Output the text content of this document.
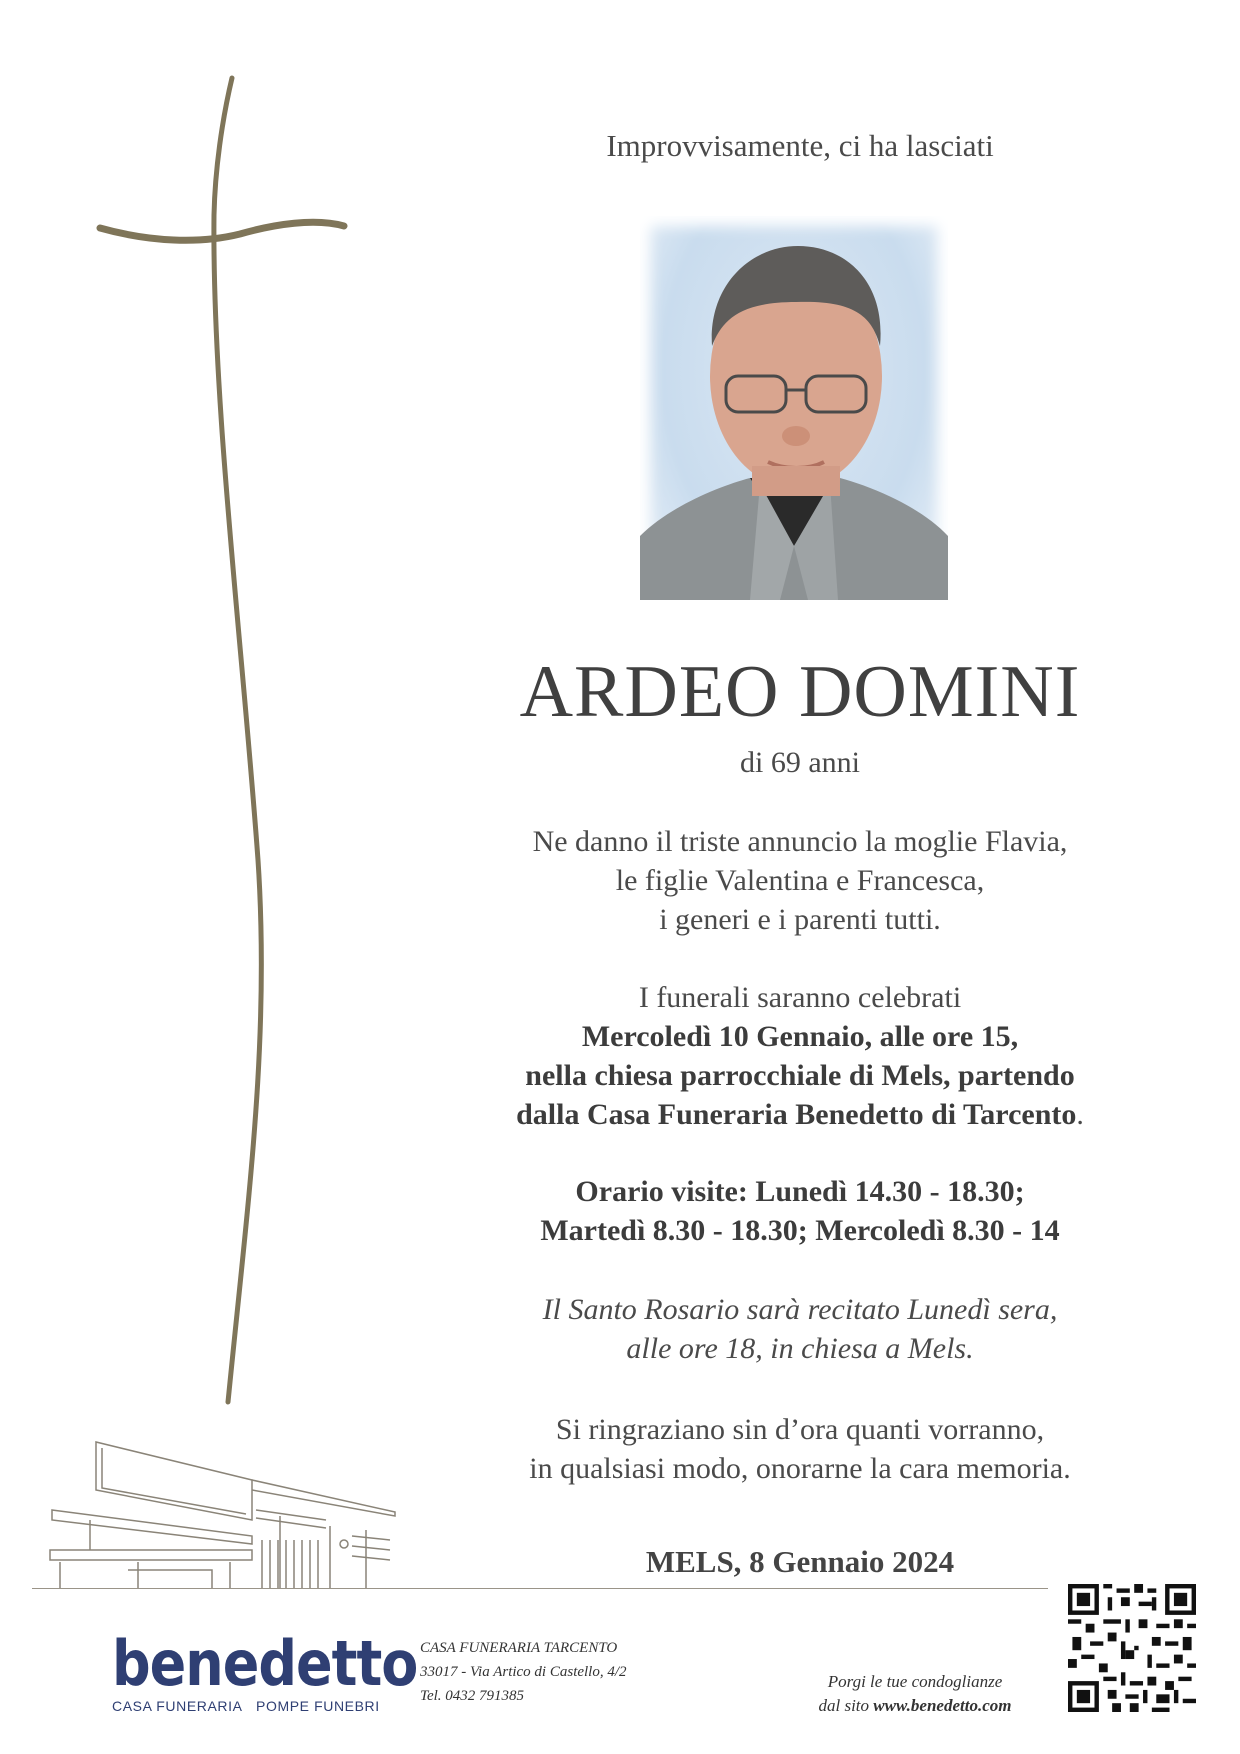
Improvvisamente, ci ha lasciati
ARDEO DOMINI
di 69 anni
Ne danno il triste annuncio la moglie Flavia,
le figlie Valentina e Francesca,
i generi e i parenti tutti.
I funerali saranno celebrati
Mercoledì 10 Gennaio, alle ore 15,
nella chiesa parrocchiale di Mels, partendo
dalla Casa Funeraria Benedetto di Tarcento.
Orario visite: Lunedì 14.30 - 18.30;
Martedì 8.30 - 18.30; Mercoledì 8.30 - 14
Il Santo Rosario sarà recitato Lunedì sera,
alle ore 18, in chiesa a Mels.
Si ringraziano sin d’ora quanti vorranno,
in qualsiasi modo, onorarne la cara memoria.
MELS, 8 Gennaio 2024
benedetto
CASA FUNERARIA POMPE FUNEBRI
CASA FUNERARIA TARCENTO
33017 - Via Artico di Castello, 4/2
Tel. 0432 791385
Porgi le tue condoglianze
dal sito www.benedetto.com
